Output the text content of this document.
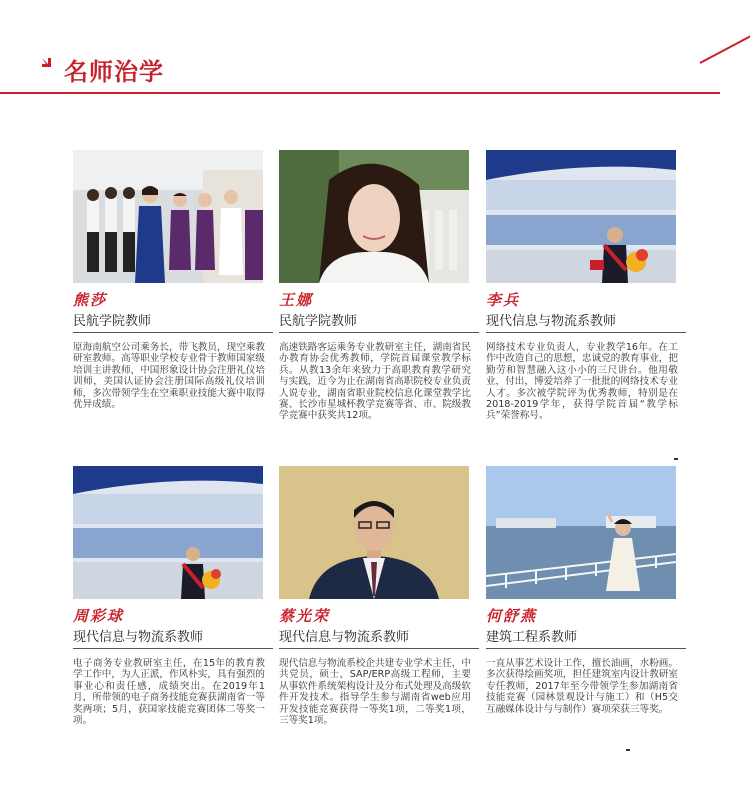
名师治学
熊莎
民航学院教师
原海南航空公司乘务长，带飞教员，现空乘教研室教师。高等职业学校专业骨干教师国家级培训主讲教师，中国形象设计协会注册礼仪培训师，美国认证协会注册国际高级礼仪培训师，多次带领学生在空乘职业技能大赛中取得优异成绩。
王娜
民航学院教师
高速铁路客运乘务专业教研室主任，湖南省民办教育协会优秀教师，学院首届课堂教学标兵。从教13余年来致力于高职教育教学研究与实践，近今为止在湖南省高职院校专业负责人说专业，湖南省职业院校信息化课堂教学比赛、长沙市星城杯教学竞赛等省、市、院级教学竞赛中获奖共12项。
李兵
现代信息与物流系教师
网络技术专业负责人，专业教学16年。在工作中改造自己的思想，忠诚党的教育事业，把勤劳和智慧融入这小小的三尺讲台。他用敬业，付出，博爱培养了一批批的网络技术专业人才。多次被学院评为优秀教师，特别是在2018-2019学年，获得学院首届“教学标兵”荣誉称号。
周彩球
现代信息与物流系教师
电子商务专业教研室主任，在15年的教育教学工作中，为人正派，作风朴实，具有强烈的事业心和责任感，成绩突出。在2019年1月，所带领的电子商务技能竞赛获湖南省一等奖两项；5月，获国家技能竞赛团体二等奖一项。
蔡光荣
现代信息与物流系教师
现代信息与物流系校企共建专业学术主任，中共党员，硕士，SAP/ERP高级工程师，主要从事软件系统架构设计及分布式处理及高级软件开发技术。指导学生参与湖南省web应用开发技能竞赛获得一等奖1项，二等奖1项，三等奖1项。
何舒燕
建筑工程系教师
一直从事艺术设计工作，擅长油画，水粉画。多次获得绘画奖项，担任建筑室内设计教研室专任教师，2017年至今带领学生参加湖南省技能竞赛（园林景观设计与施工）和（H5交互融媒体设计与与制作）赛项荣获三等奖。
